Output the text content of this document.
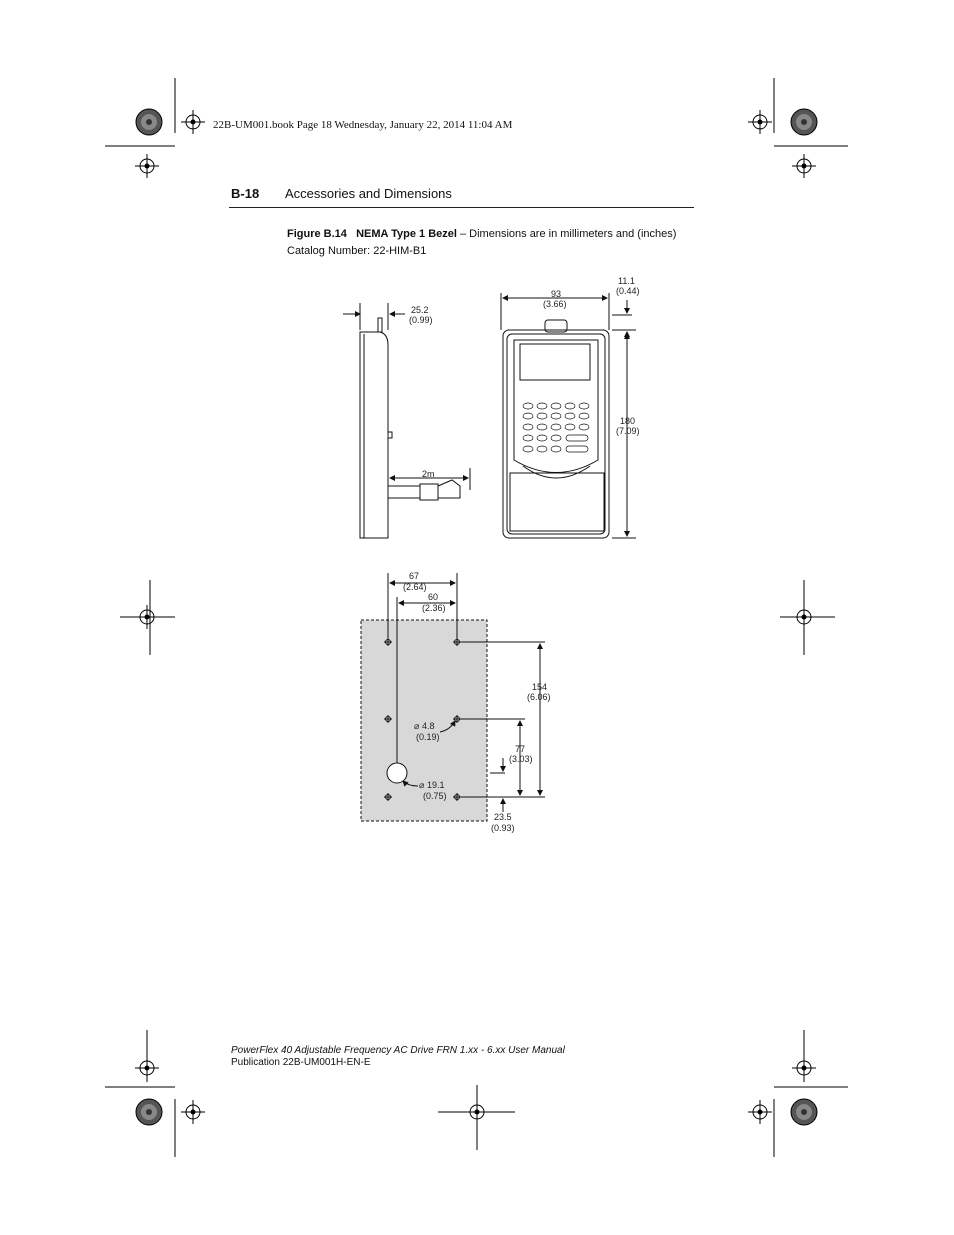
22B-UM001.book Page 18 Wednesday, January 22, 2014 11:04 AM
B-18 Accessories and Dimensions
Figure B.14 NEMA Type 1 Bezel – Dimensions are in millimeters and (inches)
Catalog Number: 22-HIM-B1
25.2
(0.99)
2m
93
(3.66)
11.1
(0.44)
180
(7.09)
67
(2.64)
60
(2.36)
154
(6.06)
⌀ 4.8
(0.19)
77
(3.03)
⌀ 19.1
(0.75)
23.5
(0.93)
PowerFlex 40 Adjustable Frequency AC Drive FRN 1.xx - 6.xx User Manual
Publication 22B-UM001H-EN-E
